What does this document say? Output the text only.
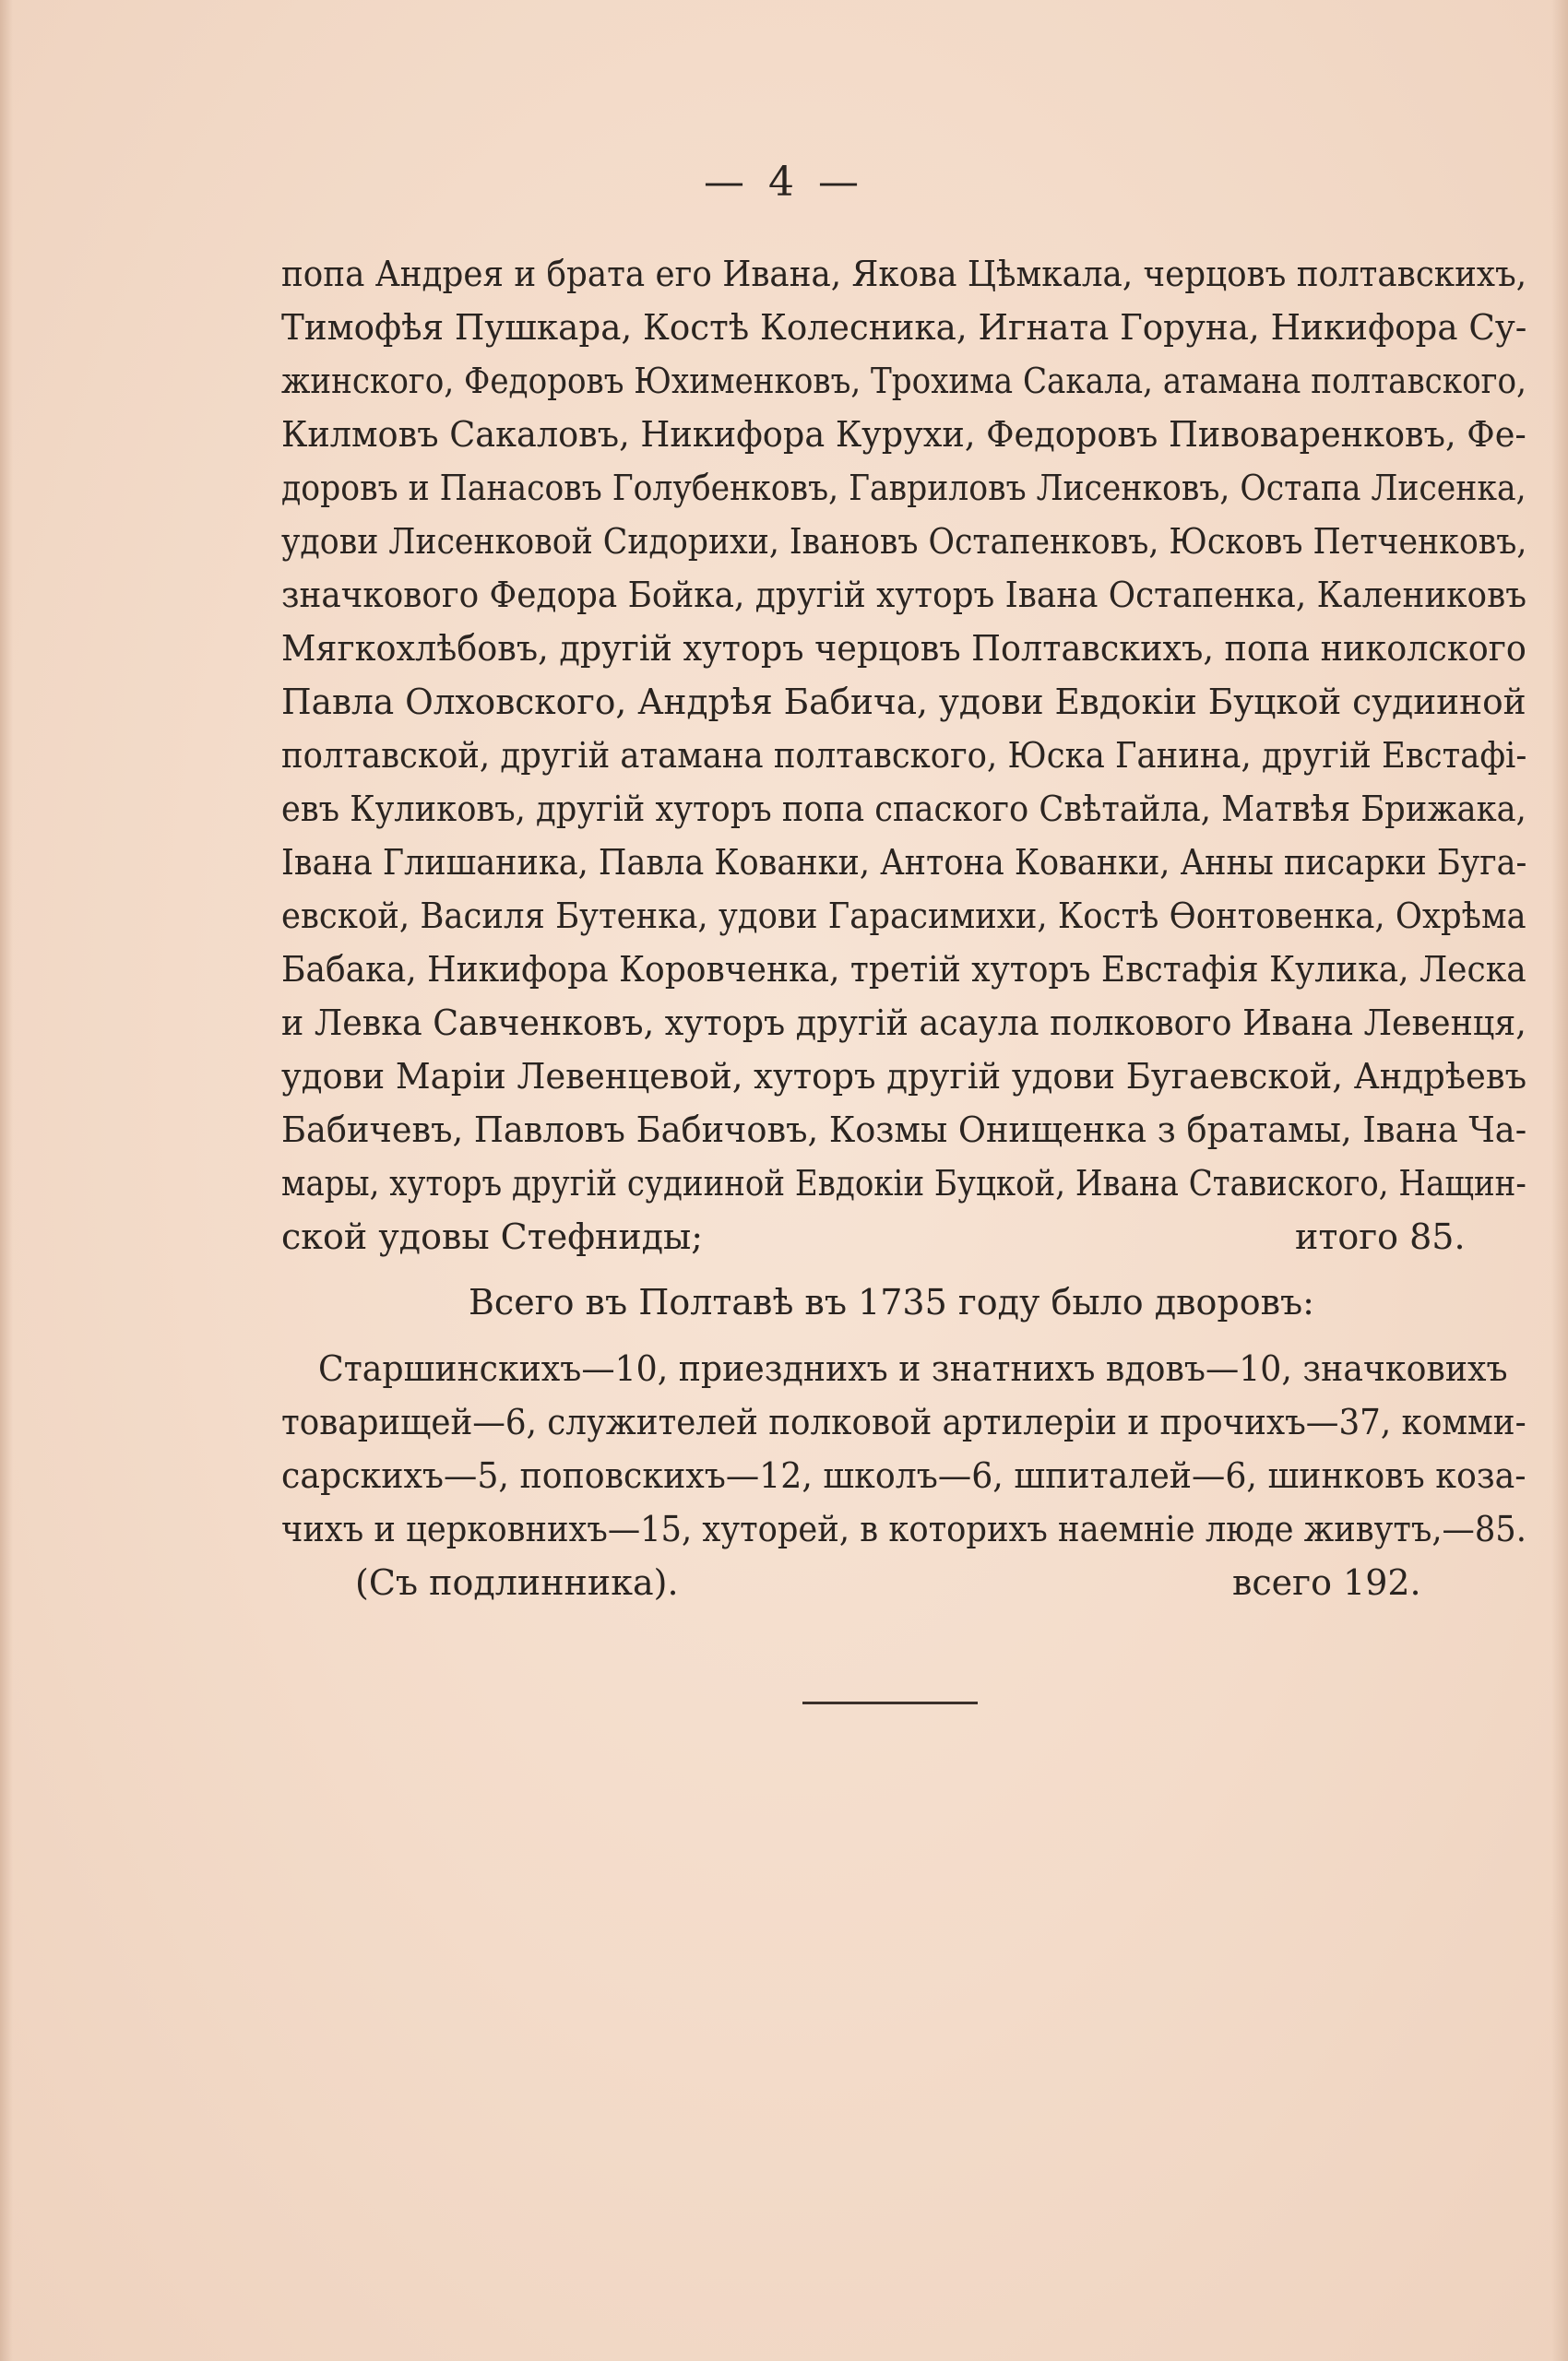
— 4 —
попа Андрея и брата его Ивана, Якова Цѣмкала, черцовъ полтавскихъ,
Тимофѣя Пушкара, Костѣ Колесника, Игната Горуна, Никифора Су-
жинского, Федоровъ Юхименковъ, Трохима Сакала, атамана полтавского,
Килмовъ Сакаловъ, Никифора Курухи, Федоровъ Пивоваренковъ, Фе-
доровъ и Панасовъ Голубенковъ, Гавриловъ Лисенковъ, Остапа Лисенка,
удови Лисенковой Сидорихи, Івановъ Остапенковъ, Юсковъ Петченковъ,
значкового Федора Бойка, другій хуторъ Івана Остапенка, Калениковъ
Мягкохлѣбовъ, другій хуторъ черцовъ Полтавскихъ, попа николского
Павла Олховского, Андрѣя Бабича, удови Евдокіи Буцкой судииной
полтавской, другій атамана полтавского, Юска Ганина, другій Евстафі-
евъ Куликовъ, другій хуторъ попа спаского Свѣтайла, Матвѣя Брижака,
Івана Глишаника, Павла Кованки, Антона Кованки, Анны писарки Буга-
евской, Василя Бутенка, удови Гарасимихи, Костѣ Ѳонтовенка, Охрѣма
Бабака, Никифора Коровченка, третій хуторъ Евстафія Кулика, Леска
и Левка Савченковъ, хуторъ другій асаула полкового Ивана Левенця,
удови Маріи Левенцевой, хуторъ другій удови Бугаевской, Андрѣевъ
Бабичевъ, Павловъ Бабичовъ, Козмы Онищенка з братамы, Івана Ча-
мары, хуторъ другій судииной Евдокіи Буцкой, Ивана Ставиского, Нащин-
ской удовы Стефниды;	итого 85.
Всего въ Полтавѣ въ 1735 году было дворовъ:
Старшинскихъ—10, приезднихъ и знатнихъ вдовъ—10, значковихъ
товарищей—6, служителей полковой артилеріи и прочихъ—37, комми-
сарскихъ—5, поповскихъ—12, школъ—6, шпиталей—6, шинковъ коза-
чихъ и церковнихъ—15, хуторей, в которихъ наемніе люде живутъ,—85.
(Съ подлинника).	всего 192.
